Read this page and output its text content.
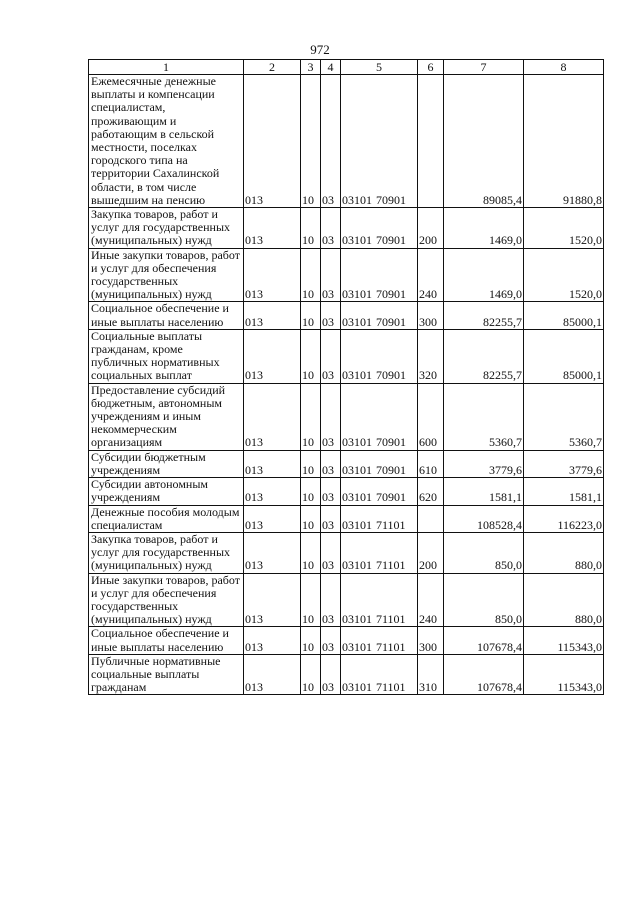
972
1	2	3	4	5	6	7	8
Ежемесячные денежные выплаты и компенсации специалистам, проживающим и работающим в сельской местности, поселках городского типа на территории Сахалинской области, в том числе вышедшим на пенсию	013	10	03	03101 70901		89085,4	91880,8
Закупка товаров, работ и услуг для государственных (муниципальных) нужд	013	10	03	03101 70901	200	1469,0	1520,0
Иные закупки товаров, работ и услуг для обеспечения государственных (муниципальных) нужд	013	10	03	03101 70901	240	1469,0	1520,0
Социальное обеспечение и иные выплаты населению	013	10	03	03101 70901	300	82255,7	85000,1
Социальные выплаты гражданам, кроме публичных нормативных социальных выплат	013	10	03	03101 70901	320	82255,7	85000,1
Предоставление субсидий бюджетным, автономным учреждениям и иным некоммерческим организациям	013	10	03	03101 70901	600	5360,7	5360,7
Субсидии бюджетным учреждениям	013	10	03	03101 70901	610	3779,6	3779,6
Субсидии автономным учреждениям	013	10	03	03101 70901	620	1581,1	1581,1
Денежные пособия молодым специалистам	013	10	03	03101 71101		108528,4	116223,0
Закупка товаров, работ и услуг для государственных (муниципальных) нужд	013	10	03	03101 71101	200	850,0	880,0
Иные закупки товаров, работ и услуг для обеспечения государственных (муниципальных) нужд	013	10	03	03101 71101	240	850,0	880,0
Социальное обеспечение и иные выплаты населению	013	10	03	03101 71101	300	107678,4	115343,0
Публичные нормативные социальные выплаты гражданам	013	10	03	03101 71101	310	107678,4	115343,0
